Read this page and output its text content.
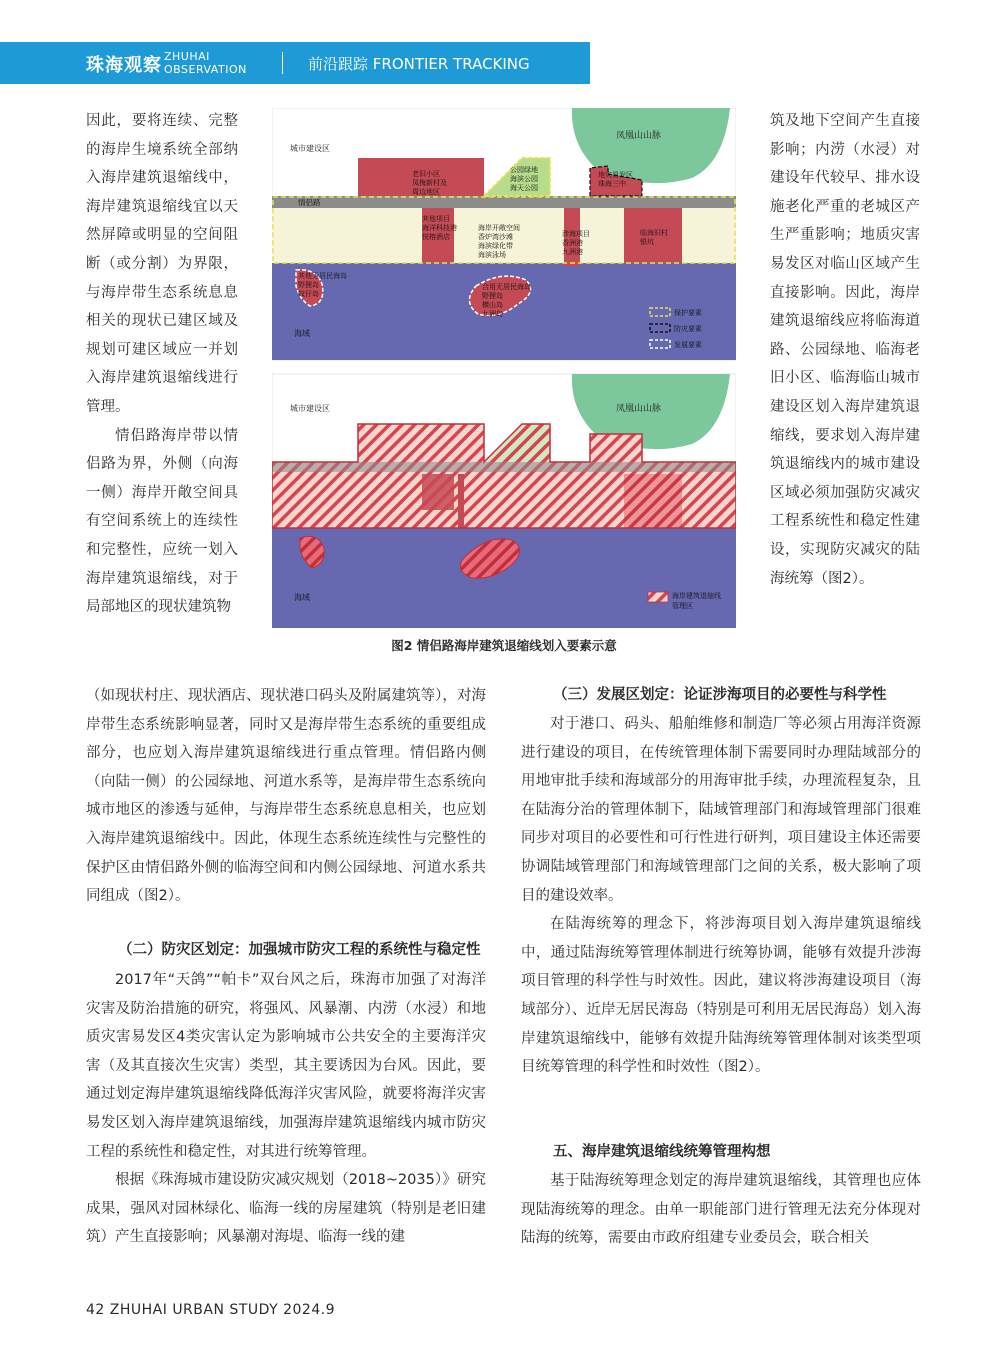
珠海观察 ZHUHAI
OBSERVATION	前沿跟踪 FRONTIER TRACKING

因此，要将连续、完整的海岸生境系统全部纳入海岸建筑退缩线中，海岸建筑退缩线宜以天然屏障或明显的空间阻断（或分割）为界限，与海岸带生态系统息息相关的现状已建区域及规划可建区域应一并划入海岸建筑退缩线进行管理。
情侣路海岸带以情侣路为界，外侧（向海一侧）海岸开敞空间具有空间系统上的连续性和完整性，应统一划入海岸建筑退缩线，对于局部地区的现状建筑物

筑及地下空间产生直接影响；内涝（水浸）对建设年代较早、排水设施老化严重的老城区产生严重影响；地质灾害易发区对临山区域产生直接影响。因此，海岸建筑退缩线应将临海道路、公园绿地、临海老旧小区、临海临山城市建设区划入海岸建筑退缩线，要求划入海岸建筑退缩线内的城市建设区域必须加强防灾减灾工程系统性和稳定性建设，实现防灾减灾的陆海统筹（图2）。

凤凰山山脉
城市建设区
情侣路
老旧小区
凤梅新村及
周边地区
公园绿地
海滨公园
海天公园
地灾易发区
珠海三中
其他项目
海洋科技港
悦榕酒店
海岸开敞空间
香炉湾沙滩
海滨绿化带
海滨泳场
涉海项目
香洲港
九洲港
临海旧村
银坑
其他无居民海岛
野狸岛
蚊仔岛
合用无居民海岛
野狸岛
横山岛
九洲岛
海域
保护要素
防灾要素
发展要素
凤凰山山脉
城市建设区
海域	海岸建筑退缩线
管理区
图2 情侣路海岸建筑退缩线划入要素示意

（如现状村庄、现状酒店、现状港口码头及附属建筑等），对海岸带生态系统影响显著，同时又是海岸带生态系统的重要组成部分，也应划入海岸建筑退缩线进行重点管理。情侣路内侧（向陆一侧）的公园绿地、河道水系等，是海岸带生态系统向城市地区的渗透与延伸，与海岸带生态系统息息相关，也应划入海岸建筑退缩线中。因此，体现生态系统连续性与完整性的保护区由情侣路外侧的临海空间和内侧公园绿地、河道水系共同组成（图2）。

（二）防灾区划定：加强城市防灾工程的系统性与稳定性

2017年“天鸽”“帕卡”双台风之后，珠海市加强了对海洋灾害及防治措施的研究，将强风、风暴潮、内涝（水浸）和地质灾害易发区4类灾害认定为影响城市公共安全的主要海洋灾害（及其直接次生灾害）类型，其主要诱因为台风。因此，要通过划定海岸建筑退缩线降低海洋灾害风险，就要将海洋灾害易发区划入海岸建筑退缩线，加强海岸建筑退缩线内城市防灾工程的系统性和稳定性，对其进行统筹管理。
根据《珠海城市建设防灾减灾规划（2018~2035）》研究成果，强风对园林绿化、临海一线的房屋建筑（特别是老旧建筑）产生直接影响；风暴潮对海堤、临海一线的建

（三）发展区划定：论证涉海项目的必要性与科学性

对于港口、码头、船舶维修和制造厂等必须占用海洋资源进行建设的项目，在传统管理体制下需要同时办理陆域部分的用地审批手续和海域部分的用海审批手续，办理流程复杂，且在陆海分治的管理体制下，陆域管理部门和海域管理部门很难同步对项目的必要性和可行性进行研判，项目建设主体还需要协调陆域管理部门和海域管理部门之间的关系，极大影响了项目的建设效率。
在陆海统筹的理念下，将涉海项目划入海岸建筑退缩线中，通过陆海统筹管理体制进行统筹协调，能够有效提升涉海项目管理的科学性与时效性。因此，建议将涉海建设项目（海域部分）、近岸无居民海岛（特别是可利用无居民海岛）划入海岸建筑退缩线中，能够有效提升陆海统筹管理体制对该类型项目统筹管理的科学性和时效性（图2）。

五、海岸建筑退缩线统筹管理构想

基于陆海统筹理念划定的海岸建筑退缩线，其管理也应体现陆海统筹的理念。由单一职能部门进行管理无法充分体现对陆海的统筹，需要由市政府组建专业委员会，联合相关

42 ZHUHAI URBAN STUDY 2024.9
